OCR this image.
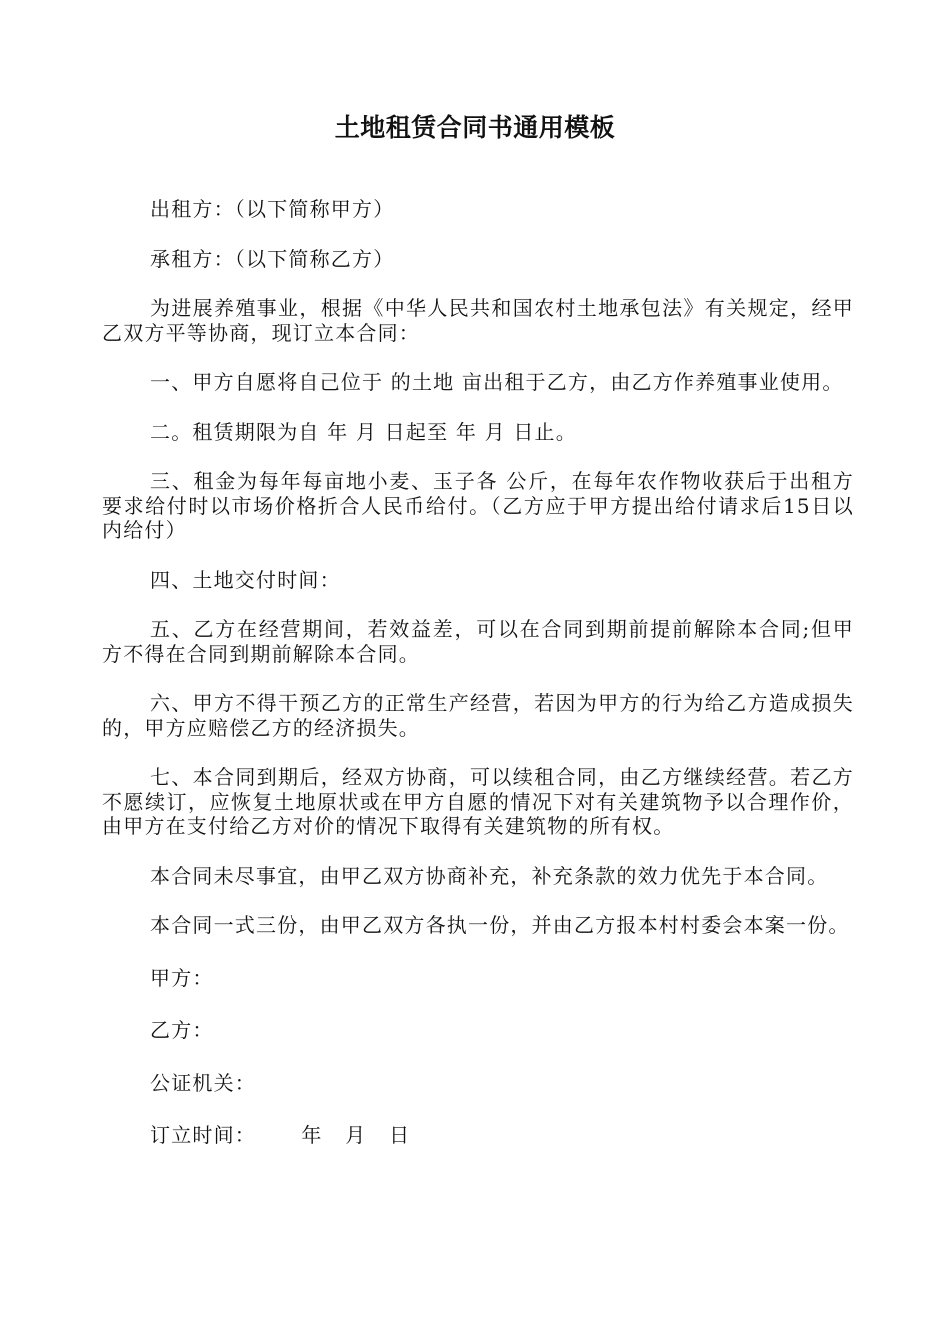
土地租赁合同书通用模板

出租方：（以下简称甲方）

承租方：（以下简称乙方）

为进展养殖事业，根据《中华人民共和国农村土地承包法》有关规定，经甲乙双方平等协商，现订立本合同：

一、甲方自愿将自己位于 的土地 亩出租于乙方，由乙方作养殖事业使用。

二。租赁期限为自 年 月 日起至 年 月 日止。

三、租金为每年每亩地小麦、玉子各 公斤，在每年农作物收获后于出租方要求给付时以市场价格折合人民币给付。（乙方应于甲方提出给付请求后15日以内给付）

四、土地交付时间：

五、乙方在经营期间，若效益差，可以在合同到期前提前解除本合同;但甲方不得在合同到期前解除本合同。

六、甲方不得干预乙方的正常生产经营，若因为甲方的行为给乙方造成损失的，甲方应赔偿乙方的经济损失。

七、本合同到期后，经双方协商，可以续租合同，由乙方继续经营。若乙方不愿续订，应恢复土地原状或在甲方自愿的情况下对有关建筑物予以合理作价，由甲方在支付给乙方对价的情况下取得有关建筑物的所有权。

本合同未尽事宜，由甲乙双方协商补充，补充条款的效力优先于本合同。

本合同一式三份，由甲乙双方各执一份，并由乙方报本村村委会本案一份。

甲方：

乙方：

公证机关：

订立时间：      年   月   日
